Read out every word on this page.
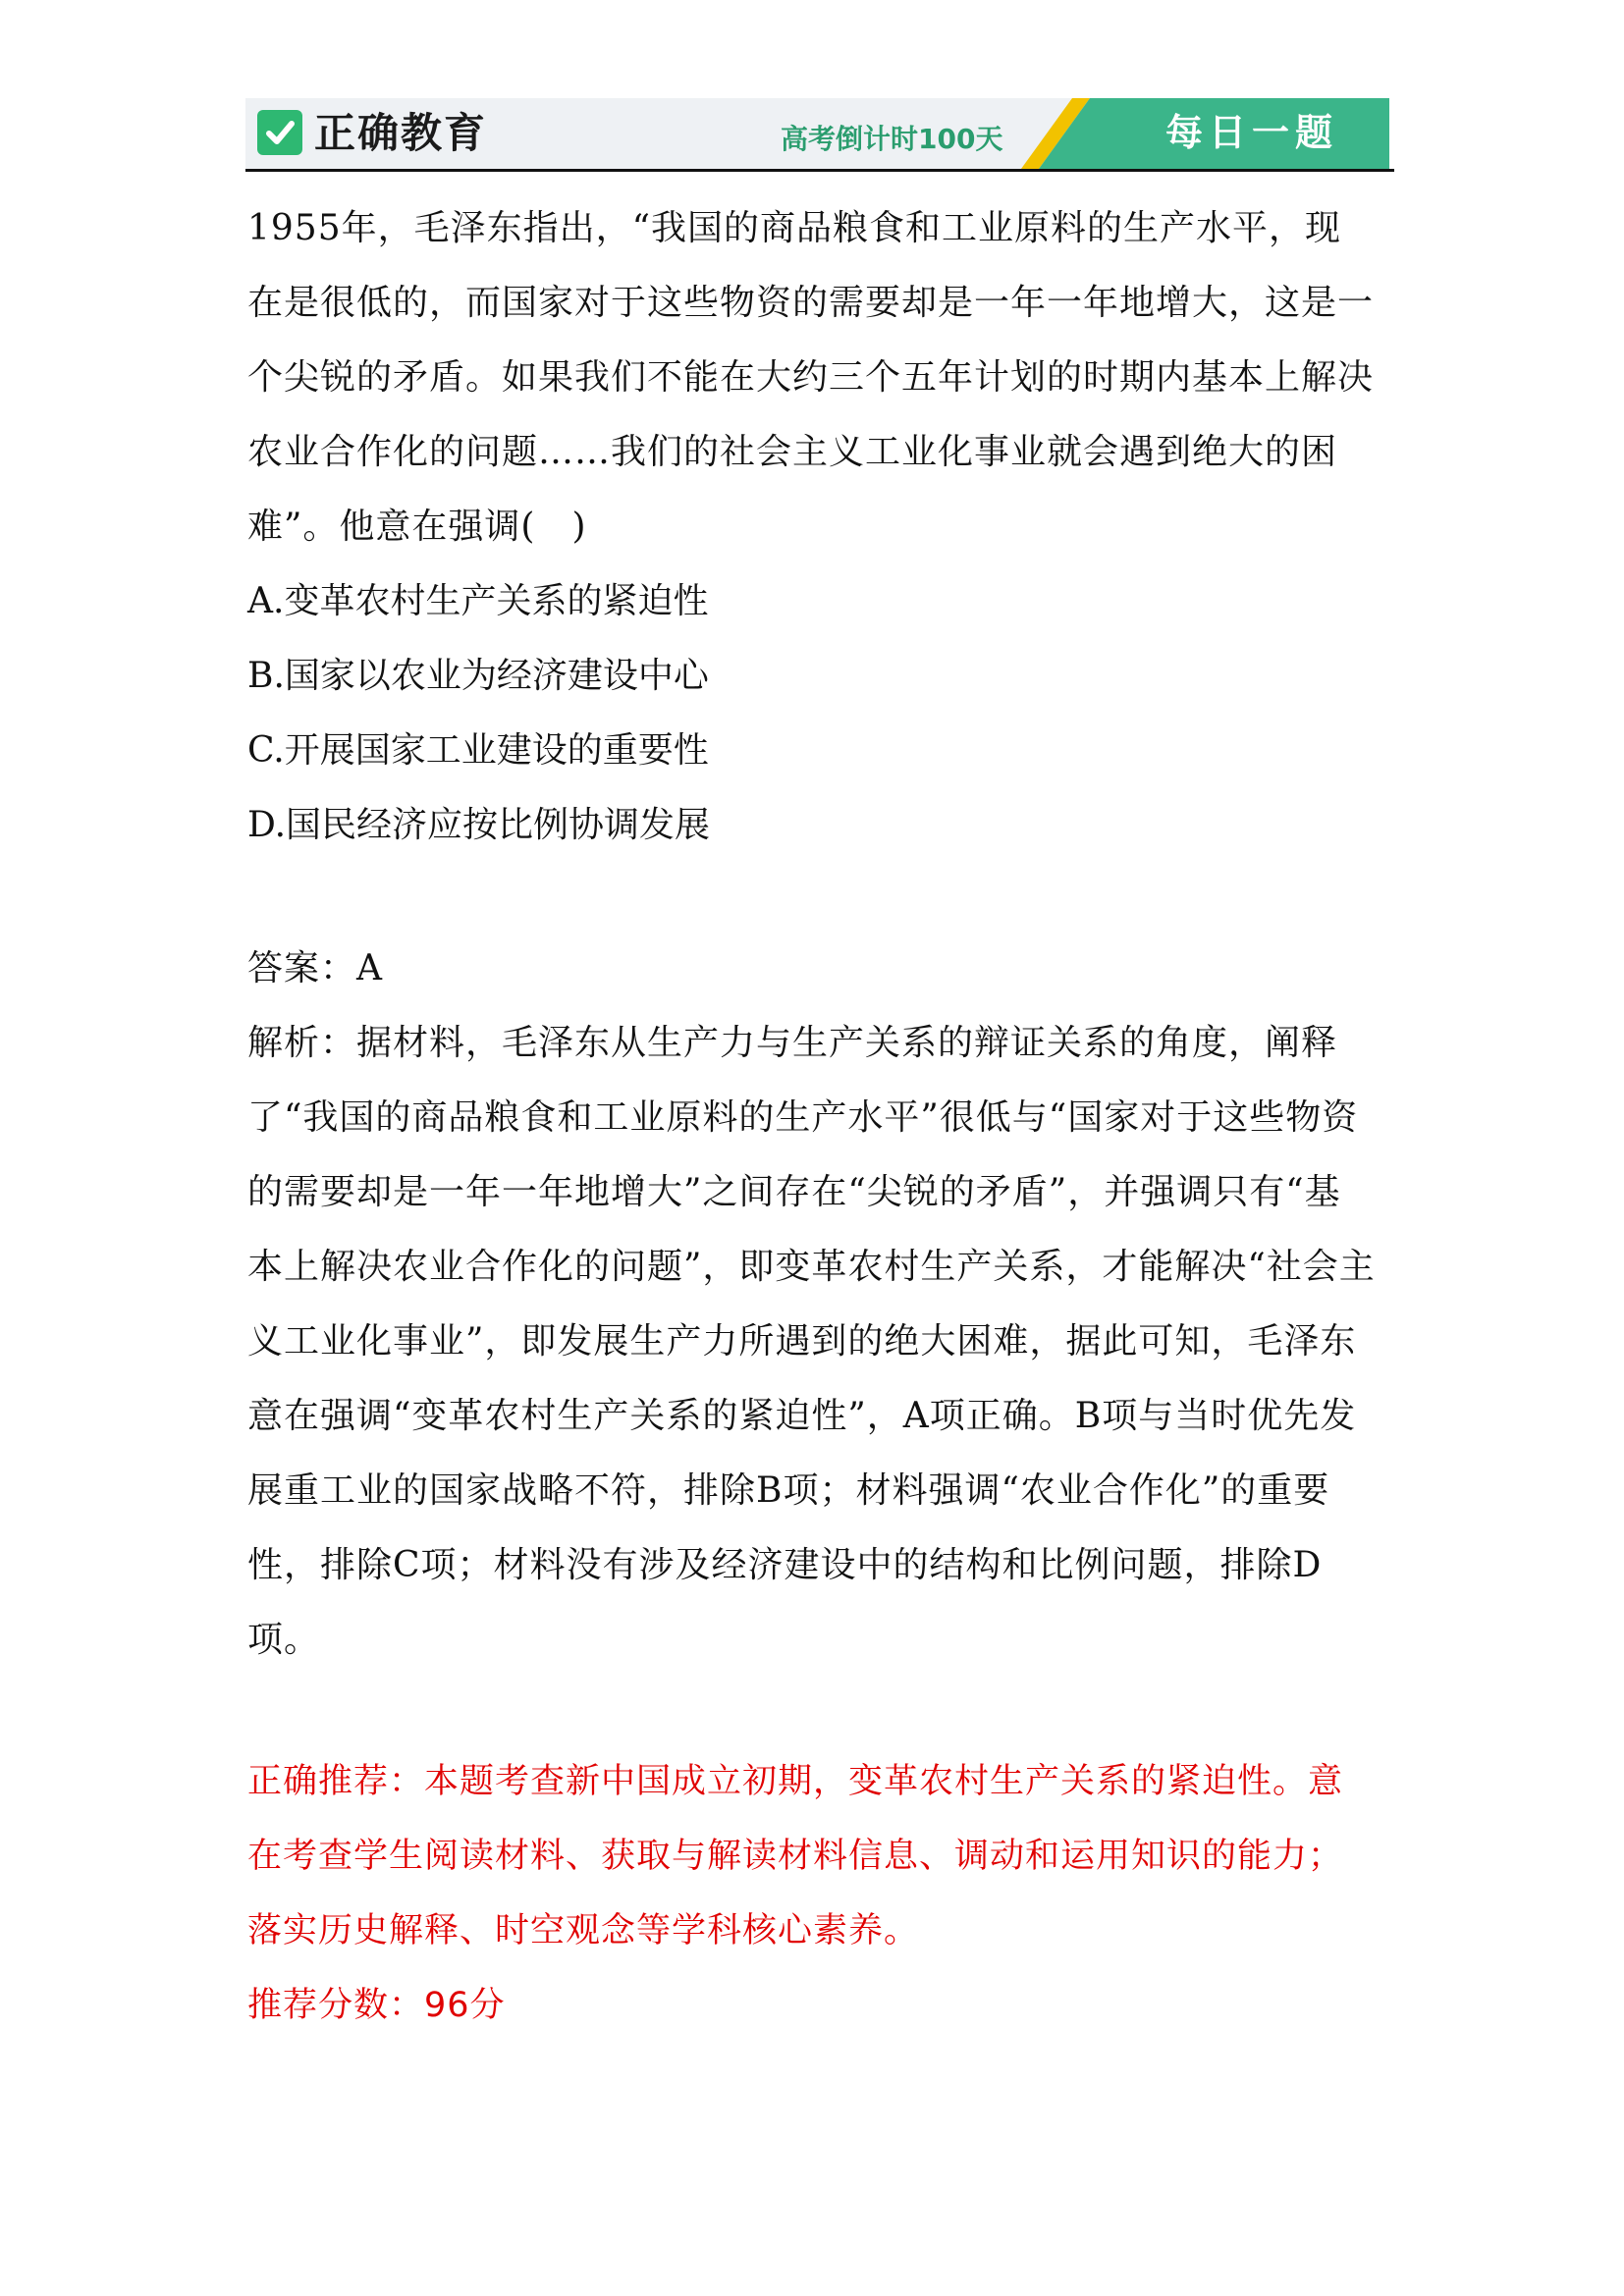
正确教育	高考倒计时100天	每日一题

1955年，毛泽东指出，“我国的商品粮食和工业原料的生产水平，现在是很低的，而国家对于这些物资的需要却是一年一年地增大，这是一个尖锐的矛盾。如果我们不能在大约三个五年计划的时期内基本上解决农业合作化的问题……我们的社会主义工业化事业就会遇到绝大的困难”。他意在强调(　)

A.变革农村生产关系的紧迫性

B.国家以农业为经济建设中心

C.开展国家工业建设的重要性

D.国民经济应按比例协调发展

答案：A

解析：据材料，毛泽东从生产力与生产关系的辩证关系的角度，阐释了“我国的商品粮食和工业原料的生产水平”很低与“国家对于这些物资的需要却是一年一年地增大”之间存在“尖锐的矛盾”，并强调只有“基本上解决农业合作化的问题”，即变革农村生产关系，才能解决“社会主义工业化事业”，即发展生产力所遇到的绝大困难，据此可知，毛泽东意在强调“变革农村生产关系的紧迫性”，A项正确。B项与当时优先发展重工业的国家战略不符，排除B项；材料强调“农业合作化”的重要性，排除C项；材料没有涉及经济建设中的结构和比例问题，排除D项。

正确推荐：本题考查新中国成立初期，变革农村生产关系的紧迫性。意在考查学生阅读材料、获取与解读材料信息、调动和运用知识的能力；落实历史解释、时空观念等学科核心素养。

推荐分数：96分
